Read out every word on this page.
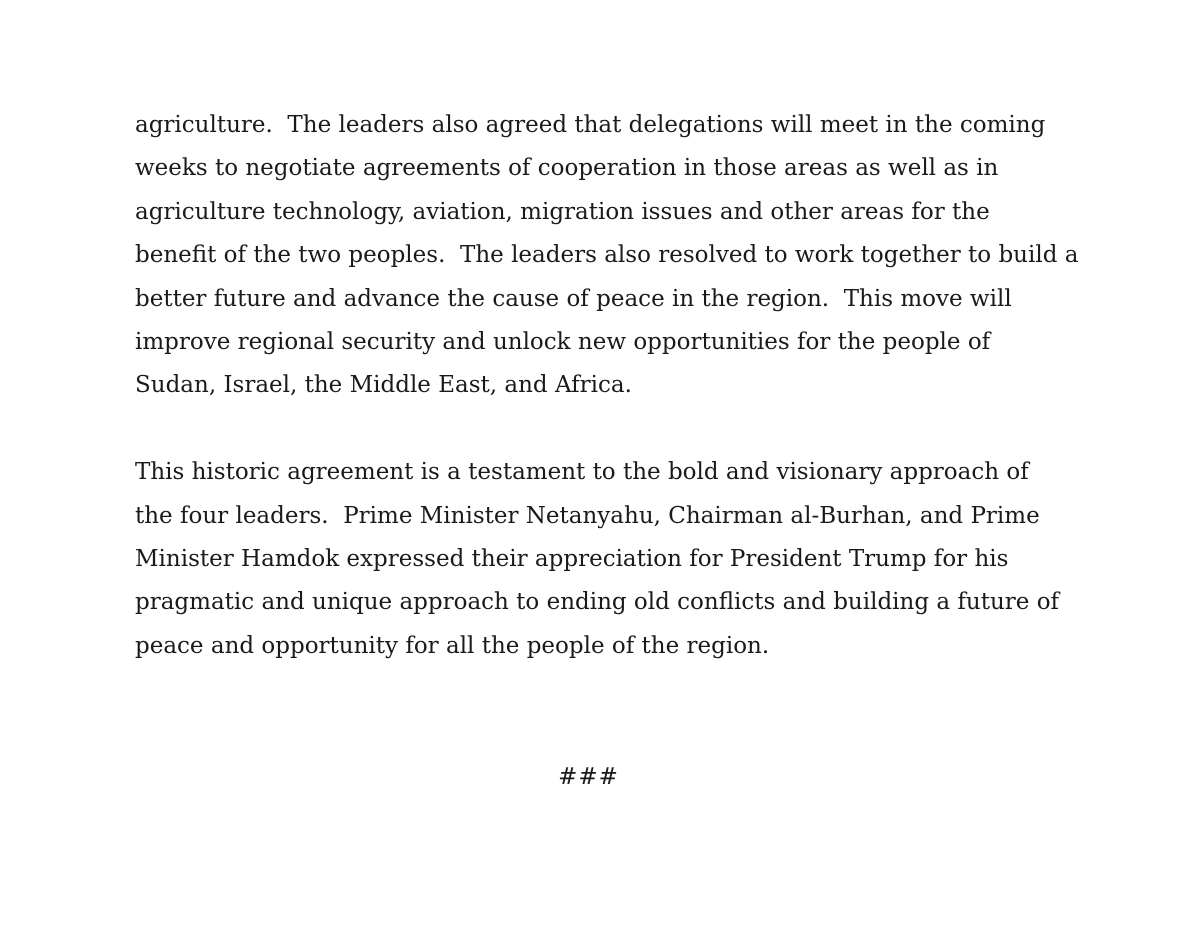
agriculture.  The leaders also agreed that delegations will meet in the coming
weeks to negotiate agreements of cooperation in those areas as well as in
agriculture technology, aviation, migration issues and other areas for the
benefit of the two peoples.  The leaders also resolved to work together to build a
better future and advance the cause of peace in the region.  This move will
improve regional security and unlock new opportunities for the people of
Sudan, Israel, the Middle East, and Africa.
This historic agreement is a testament to the bold and visionary approach of
the four leaders.  Prime Minister Netanyahu, Chairman al-Burhan, and Prime
Minister Hamdok expressed their appreciation for President Trump for his
pragmatic and unique approach to ending old conflicts and building a future of
peace and opportunity for all the people of the region.
###
